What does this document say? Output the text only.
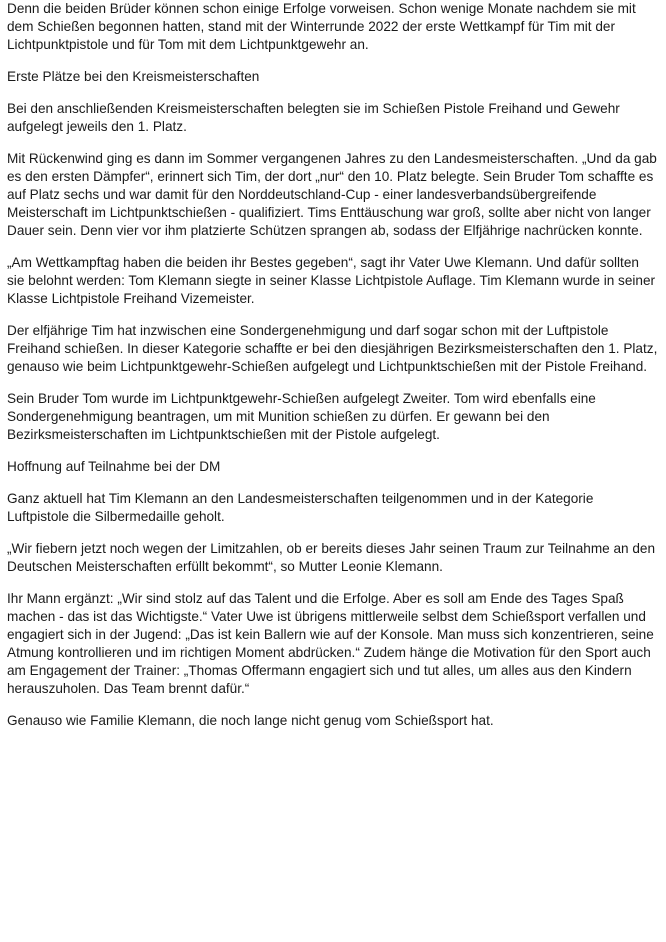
Denn die beiden Brüder können schon einige Erfolge vorweisen. Schon wenige Monate nachdem sie mit dem Schießen begonnen hatten, stand mit der Winterrunde 2022 der erste Wettkampf für Tim mit der Lichtpunktpistole und für Tom mit dem Lichtpunktgewehr an.

Erste Plätze bei den Kreismeisterschaften

Bei den anschließenden Kreismeisterschaften belegten sie im Schießen Pistole Freihand und Gewehr aufgelegt jeweils den 1. Platz.

Mit Rückenwind ging es dann im Sommer vergangenen Jahres zu den Landesmeisterschaften. „Und da gab es den ersten Dämpfer“, erinnert sich Tim, der dort „nur“ den 10. Platz belegte. Sein Bruder Tom schaffte es auf Platz sechs und war damit für den Norddeutschland-Cup - einer landesverbandsübergreifende Meisterschaft im Lichtpunktschießen - qualifiziert. Tims Enttäuschung war groß, sollte aber nicht von langer Dauer sein. Denn vier vor ihm platzierte Schützen sprangen ab, sodass der Elfjährige nachrücken konnte.

„Am Wettkampftag haben die beiden ihr Bestes gegeben“, sagt ihr Vater Uwe Klemann. Und dafür sollten sie belohnt werden: Tom Klemann siegte in seiner Klasse Lichtpistole Auflage. Tim Klemann wurde in seiner Klasse Lichtpistole Freihand Vizemeister.

Der elfjährige Tim hat inzwischen eine Sondergenehmigung und darf sogar schon mit der Luftpistole Freihand schießen. In dieser Kategorie schaffte er bei den diesjährigen Bezirksmeisterschaften den 1. Platz, genauso wie beim Lichtpunktgewehr-Schießen aufgelegt und Lichtpunktschießen mit der Pistole Freihand.

Sein Bruder Tom wurde im Lichtpunktgewehr-Schießen aufgelegt Zweiter. Tom wird ebenfalls eine Sondergenehmigung beantragen, um mit Munition schießen zu dürfen. Er gewann bei den Bezirksmeisterschaften im Lichtpunktschießen mit der Pistole aufgelegt.

Hoffnung auf Teilnahme bei der DM

Ganz aktuell hat Tim Klemann an den Landesmeisterschaften teilgenommen und in der Kategorie Luftpistole die Silbermedaille geholt.

„Wir fiebern jetzt noch wegen der Limitzahlen, ob er bereits dieses Jahr seinen Traum zur Teilnahme an den Deutschen Meisterschaften erfüllt bekommt“, so Mutter Leonie Klemann.

Ihr Mann ergänzt: „Wir sind stolz auf das Talent und die Erfolge. Aber es soll am Ende des Tages Spaß machen - das ist das Wichtigste.“ Vater Uwe ist übrigens mittlerweile selbst dem Schießsport verfallen und engagiert sich in der Jugend: „Das ist kein Ballern wie auf der Konsole. Man muss sich konzentrieren, seine Atmung kontrollieren und im richtigen Moment abdrücken.“ Zudem hänge die Motivation für den Sport auch am Engagement der Trainer: „Thomas Offermann engagiert sich und tut alles, um alles aus den Kindern herauszuholen. Das Team brennt dafür.“

Genauso wie Familie Klemann, die noch lange nicht genug vom Schießsport hat.
